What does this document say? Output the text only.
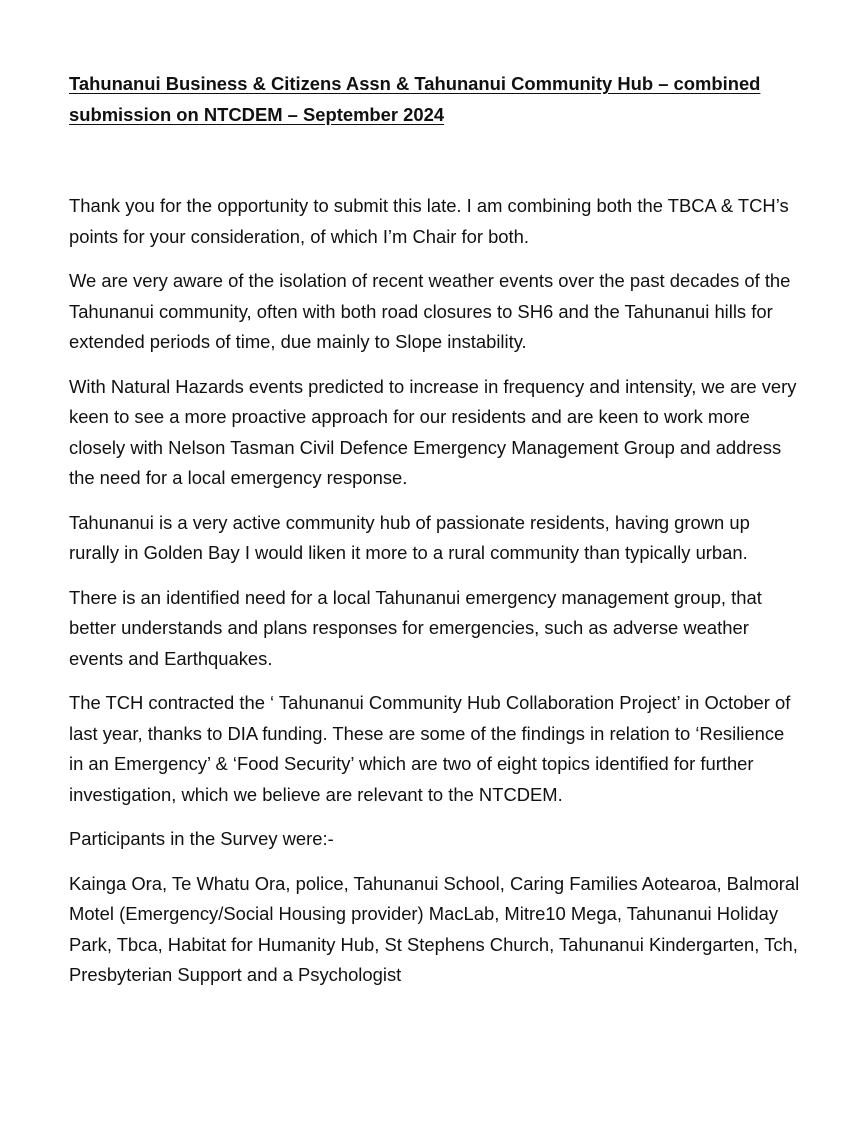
Tahunanui Business & Citizens Assn & Tahunanui Community Hub – combined submission on NTCDEM – September 2024

Thank you for the opportunity to submit this late. I am combining both the TBCA & TCH’s points for your consideration, of which I’m Chair for both.

We are very aware of the isolation of recent weather events over the past decades of the Tahunanui community, often with both road closures to SH6 and the Tahunanui hills for extended periods of time, due mainly to Slope instability.

With Natural Hazards events predicted to increase in frequency and intensity, we are very keen to see a more proactive approach for our residents and are keen to work more closely with Nelson Tasman Civil Defence Emergency Management Group and address the need for a local emergency response.

Tahunanui is a very active community hub of passionate residents, having grown up rurally in Golden Bay I would liken it more to a rural community than typically urban.

There is an identified need for a local Tahunanui emergency management group, that better understands and plans responses for emergencies, such as adverse weather events and Earthquakes.

The TCH contracted the ‘ Tahunanui Community Hub Collaboration Project’ in October of last year, thanks to DIA funding. These are some of the findings in relation to ‘Resilience in an Emergency’ & ‘Food Security’ which are two of eight topics identified for further investigation, which we believe are relevant to the NTCDEM.

Participants in the Survey were:-

Kainga Ora, Te Whatu Ora, police, Tahunanui School, Caring Families Aotearoa, Balmoral Motel (Emergency/Social Housing provider) MacLab, Mitre10 Mega, Tahunanui Holiday Park, Tbca, Habitat for Humanity Hub, St Stephens Church, Tahunanui Kindergarten, Tch, Presbyterian Support and a Psychologist
